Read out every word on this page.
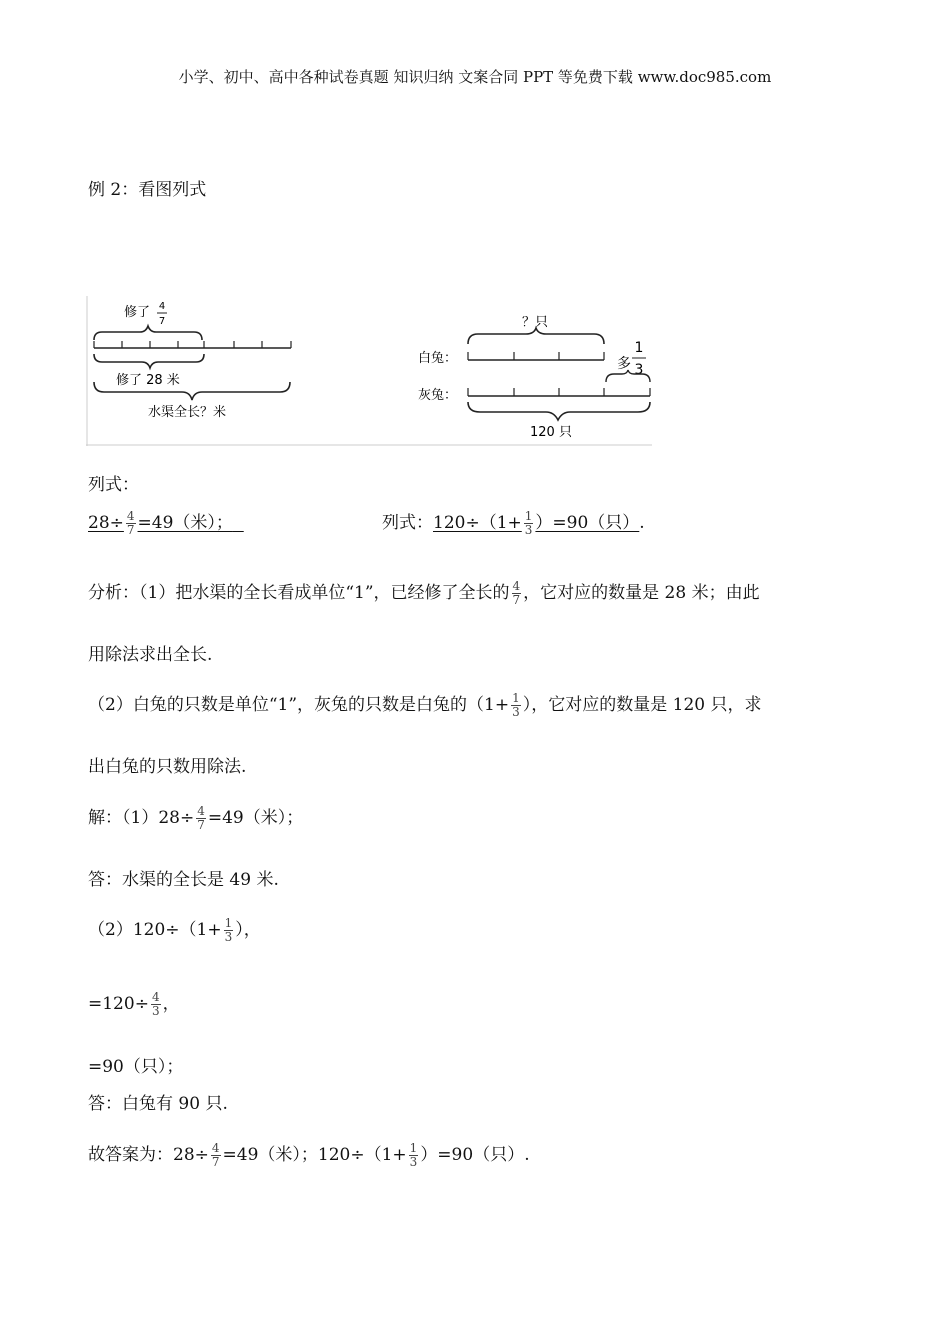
小学、初中、高中各种试卷真题 知识归纳 文案合同 PPT 等免费下载 www.doc985.com
例 2：看图列式
修了 4
7
修了 28 米
水渠全长？米
？只
白兔：	多
1
3
灰兔：
120 只
列式：
$28\div \frac{4}{7} =49$（米）；	列式：$120\div(1+ \frac{1}{3} )=90$（只）.
分析：（1）把水渠的全长看成单位“1”，已经修了全长的 $\frac{4}{7}$ ，它对应的数量是 28 米；由此
用除法求出全长.
（2）白兔的只数是单位“1”，灰兔的只数是白兔的（$1+ \frac{1}{3}$ ），它对应的数量是 120 只，求
出白兔的只数用除法.
解：$(1)28\div \frac{4}{7} =49$（米）；
答：水渠的全长是 49 米.
$(2)120\div(1+ \frac{1}{3}$ ），
$=120\div \frac{4}{3}$ ，
=90（只）；
答：白兔有 90 只.
故答案为：$28\div \frac{4}{7} =49$（米）；$120\div(1+ \frac{1}{3} )=90$（只）.
